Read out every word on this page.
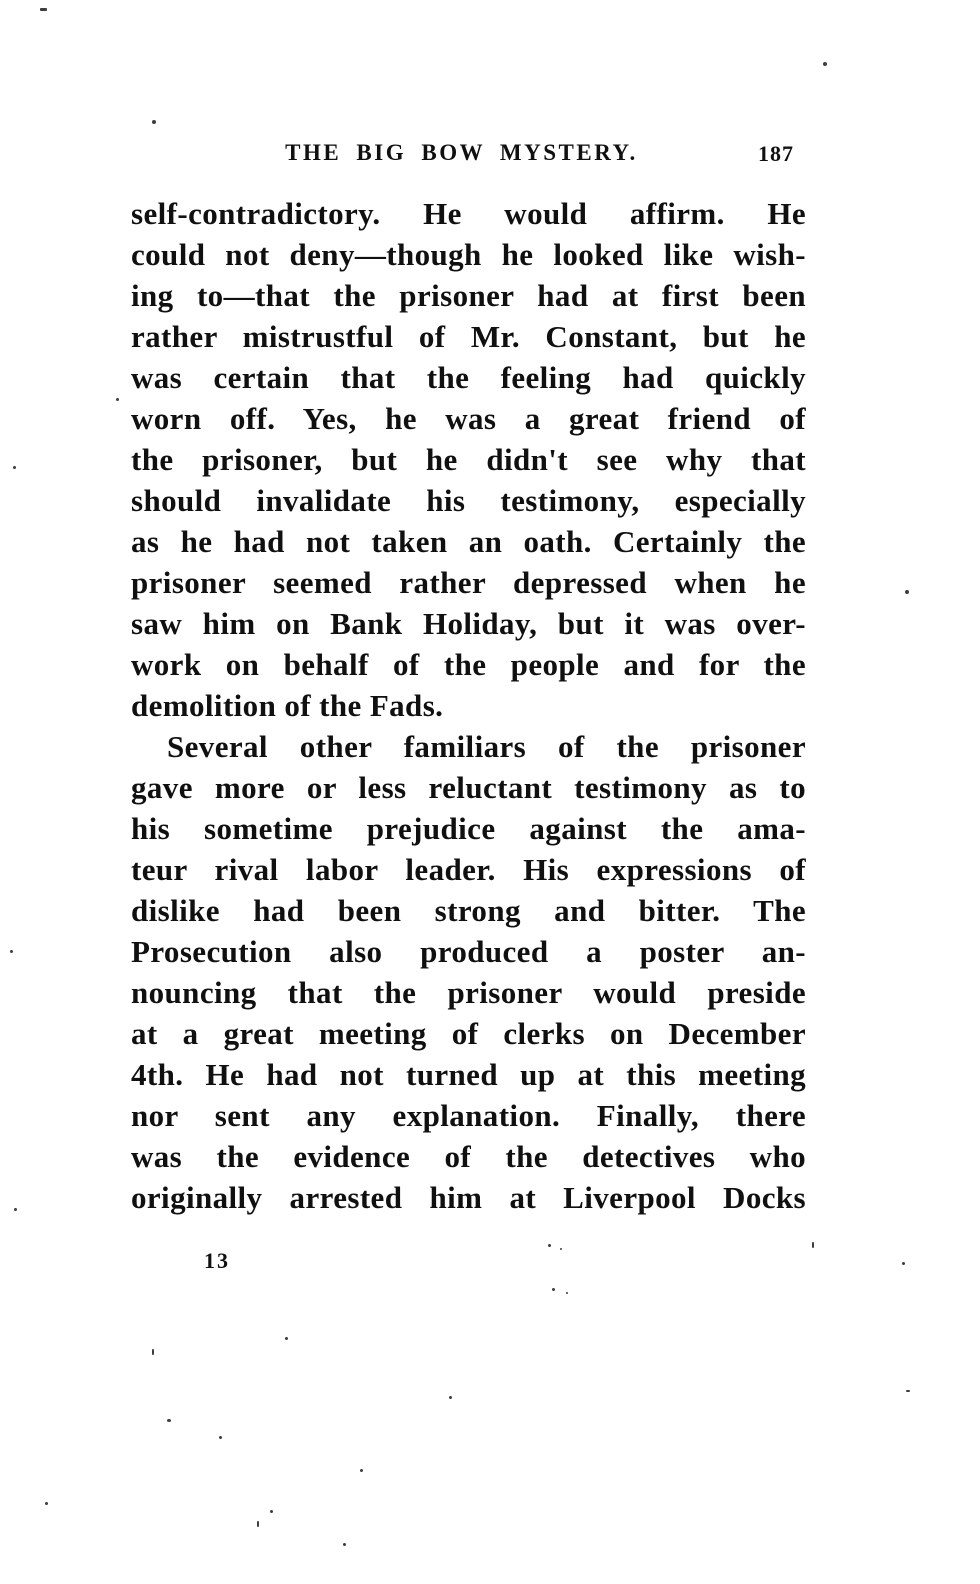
THE BIG BOW MYSTERY.	187
self-contradictory. He would affirm. He
could not deny—though he looked like wish-
ing to—that the prisoner had at first been
rather mistrustful of Mr. Constant, but he
was certain that the feeling had quickly
worn off. Yes, he was a great friend of
the prisoner, but he didn't see why that
should invalidate his testimony, especially
as he had not taken an oath. Certainly the
prisoner seemed rather depressed when he
saw him on Bank Holiday, but it was over-
work on behalf of the people and for the
demolition of the Fads.
Several other familiars of the prisoner
gave more or less reluctant testimony as to
his sometime prejudice against the ama-
teur rival labor leader. His expressions of
dislike had been strong and bitter. The
Prosecution also produced a poster an-
nouncing that the prisoner would preside
at a great meeting of clerks on December
4th. He had not turned up at this meeting
nor sent any explanation. Finally, there
was the evidence of the detectives who
originally arrested him at Liverpool Docks
13
